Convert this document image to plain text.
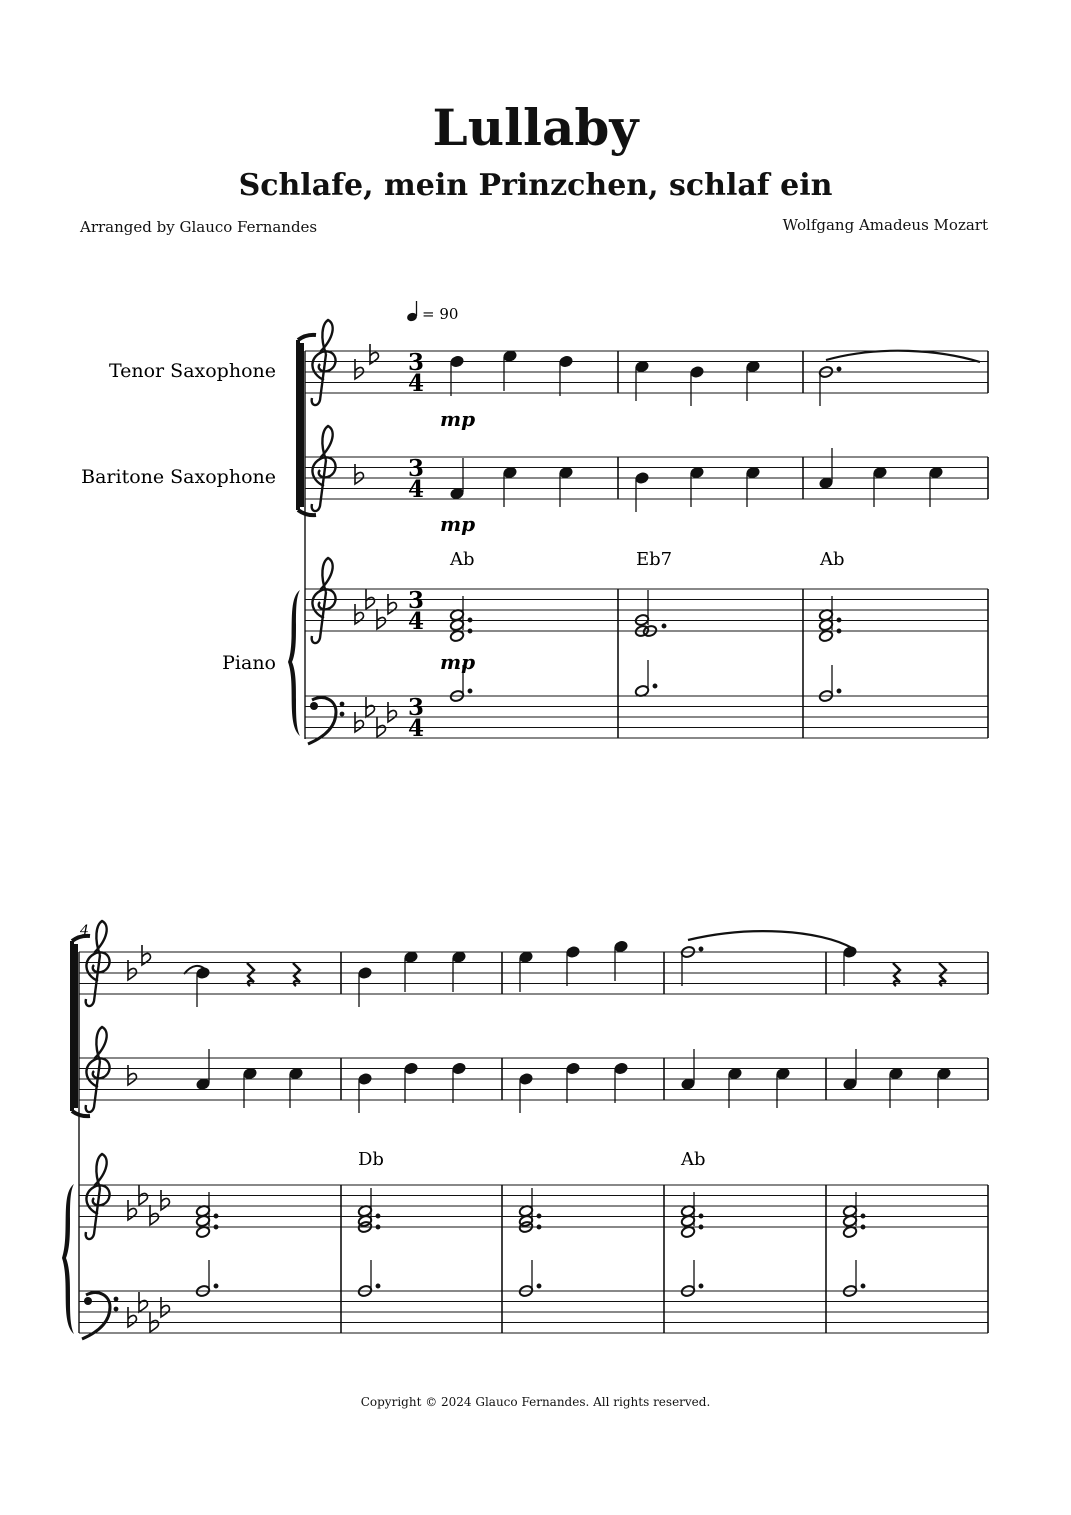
Lullaby
Schlafe, mein Prinzchen, schlaf ein
Arranged by Glauco Fernandes	Wolfgang Amadeus Mozart
= 90
Tenor Saxophone
Baritone Saxophone
Piano
3
4
3
4
3
4
3
4
mp
mp
mp
Ab	Eb7	Ab
4
Db	Ab
Copyright © 2024 Glauco Fernandes. All rights reserved.
